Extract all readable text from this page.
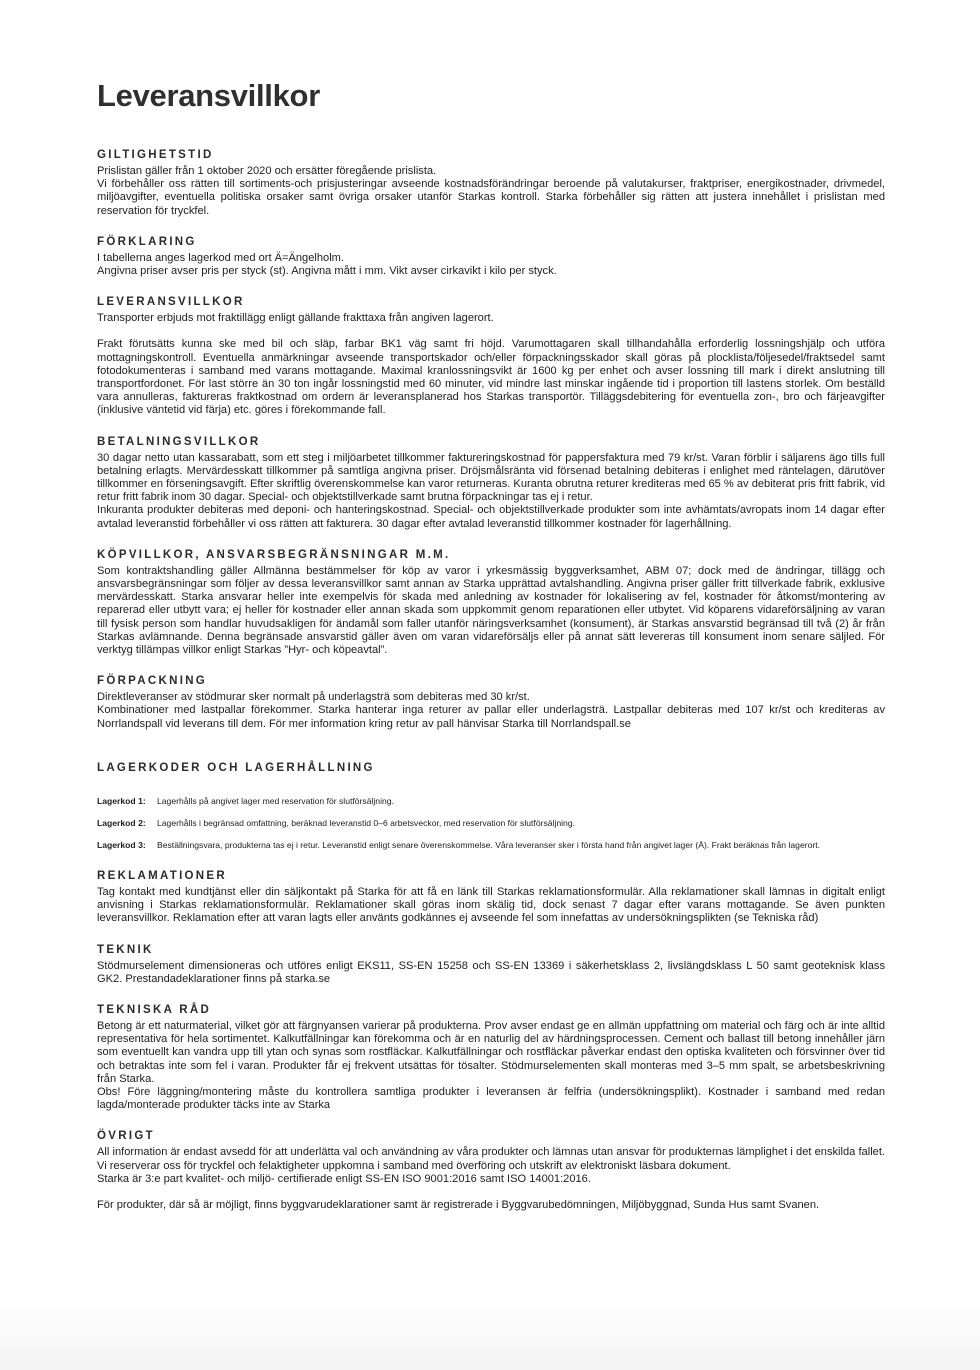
Leveransvillkor
GILTIGHETSTID

Prislistan gäller från 1 oktober 2020 och ersätter föregående prislista.

Vi förbehåller oss rätten till sortiments-och prisjusteringar avseende kostnadsförändringar beroende på valutakurser, fraktpriser, energikostnader, drivmedel, miljöavgifter, eventuella politiska orsaker samt övriga orsaker utanför Starkas kontroll. Starka förbehåller sig rätten att justera innehållet i prislistan med reservation för tryckfel.

FÖRKLARING

I tabellerna anges lagerkod med ort Ä=Ängelholm.

Angivna priser avser pris per styck (st). Angivna mått i mm. Vikt avser cirkavikt i kilo per styck.

LEVERANSVILLKOR

Transporter erbjuds mot fraktillägg enligt gällande frakttaxa från angiven lagerort.

Frakt förutsätts kunna ske med bil och släp, farbar BK1 väg samt fri höjd. Varumottagaren skall tillhandahålla erforderlig lossningshjälp och utföra mottagningskontroll. Eventuella anmärkningar avseende transportskador och/eller förpackningsskador skall göras på plocklista/följesedel/fraktsedel samt fotodokumenteras i samband med varans mottagande. Maximal kranlossningsvikt är 1600 kg per enhet och avser lossning till mark i direkt anslutning till transportfordonet. För last större än 30 ton ingår lossningstid med 60 minuter, vid mindre last minskar ingående tid i proportion till lastens storlek. Om beställd vara annulleras, faktureras fraktkostnad om ordern är leveransplanerad hos Starkas transportör. Tilläggsdebitering för eventuella zon-, bro och färjeavgifter (inklusive väntetid vid färja) etc. göres i förekommande fall.

BETALNINGSVILLKOR

30 dagar netto utan kassarabatt, som ett steg i miljöarbetet tillkommer faktureringskostnad för pappersfaktura med 79 kr/st. Varan förblir i säljarens ägo tills full betalning erlagts. Mervärdesskatt tillkommer på samtliga angivna priser. Dröjsmålsränta vid försenad betalning debiteras i enlighet med räntelagen, därutöver tillkommer en förseningsavgift. Efter skriftlig överenskommelse kan varor returneras. Kuranta obrutna returer krediteras med 65 % av debiterat pris fritt fabrik, vid retur fritt fabrik inom 30 dagar. Special- och objektstillverkade samt brutna förpackningar tas ej i retur.

Inkuranta produkter debiteras med deponi- och hanteringskostnad. Special- och objektstillverkade produkter som inte avhämtats/avropats inom 14 dagar efter avtalad leveranstid förbehåller vi oss rätten att fakturera. 30 dagar efter avtalad leveranstid tillkommer kostnader för lagerhållning.

KÖPVILLKOR, ANSVARSBEGRÄNSNINGAR M.M.

Som kontraktshandling gäller Allmänna bestämmelser för köp av varor i yrkesmässig byggverksamhet, ABM 07; dock med de ändringar, tillägg och ansvarsbegränsningar som följer av dessa leveransvillkor samt annan av Starka upprättad avtalshandling. Angivna priser gäller fritt tillverkade fabrik, exklusive mervärdesskatt. Starka ansvarar heller inte exempelvis för skada med anledning av kostnader för lokalisering av fel, kostnader för åtkomst/montering av reparerad eller utbytt vara; ej heller för kostnader eller annan skada som uppkommit genom reparationen eller utbytet. Vid köparens vidareförsäljning av varan till fysisk person som handlar huvudsakligen för ändamål som faller utanför näringsverksamhet (konsument), är Starkas ansvarstid begränsad till två (2) år från Starkas avlämnande. Denna begränsade ansvarstid gäller även om varan vidareförsäljs eller på annat sätt levereras till konsument inom senare säljled. För verktyg tillämpas villkor enligt Starkas ”Hyr- och köpeavtal”.

FÖRPACKNING

Direktleveranser av stödmurar sker normalt på underlagsträ som debiteras med 30 kr/st.

Kombinationer med lastpallar förekommer. Starka hanterar inga returer av pallar eller underlagsträ. Lastpallar debiteras med 107 kr/st och krediteras av Norrlandspall vid leverans till dem. För mer information kring retur av pall hänvisar Starka till Norrlandspall.se

LAGERKODER OCH LAGERHÅLLNING
Lagerkod 1:	Lagerhålls på angivet lager med reservation för slutförsäljning.
Lagerkod 2:	Lagerhålls i begränsad omfattning, beräknad leveranstid 0–6 arbetsveckor, med reservation för slutförsäljning.
Lagerkod 3:	Beställningsvara, produkterna tas ej i retur. Leveranstid enligt senare överenskommelse. Våra leveranser sker i första hand från angivet lager (Ä). Frakt beräknas från lagerort.
REKLAMATIONER

Tag kontakt med kundtjänst eller din säljkontakt på Starka för att få en länk till Starkas reklamationsformulär. Alla reklamationer skall lämnas in digitalt enligt anvisning i Starkas reklamationsformulär. Reklamationer skall göras inom skälig tid, dock senast 7 dagar efter varans mottagande. Se även punkten leveransvillkor. Reklamation efter att varan lagts eller använts godkännes ej avseende fel som innefattas av undersökningsplikten (se Tekniska råd)

TEKNIK

Stödmurselement dimensioneras och utföres enligt EKS11, SS-EN 15258 och SS-EN 13369 i säkerhetsklass 2, livslängdsklass L 50 samt geoteknisk klass GK2. Prestandadeklarationer finns på starka.se

TEKNISKA RÅD

Betong är ett naturmaterial, vilket gör att färgnyansen varierar på produkterna. Prov avser endast ge en allmän uppfattning om material och färg och är inte alltid representativa för hela sortimentet. Kalkutfällningar kan förekomma och är en naturlig del av härdningsprocessen. Cement och ballast till betong innehåller järn som eventuellt kan vandra upp till ytan och synas som rostfläckar. Kalkutfällningar och rostfläckar påverkar endast den optiska kvaliteten och försvinner över tid och betraktas inte som fel i varan. Produkter får ej frekvent utsättas för tösalter. Stödmurselementen skall monteras med 3–5 mm spalt, se arbetsbeskrivning från Starka.

Obs! Före läggning/montering måste du kontrollera samtliga produkter i leveransen är felfria (undersökningsplikt). Kostnader i samband med redan lagda/monterade produkter täcks inte av Starka

ÖVRIGT

All information är endast avsedd för att underlätta val och användning av våra produkter och lämnas utan ansvar för produkternas lämplighet i det enskilda fallet. Vi reserverar oss för tryckfel och felaktigheter uppkomna i samband med överföring och utskrift av elektroniskt läsbara dokument.

Starka är 3:e part kvalitet- och miljö- certifierade enligt SS-EN ISO 9001:2016 samt ISO 14001:2016.

För produkter, där så är möjligt, finns byggvarudeklarationer samt är registrerade i Byggvarubedömningen, Miljöbyggnad, Sunda Hus samt Svanen.
